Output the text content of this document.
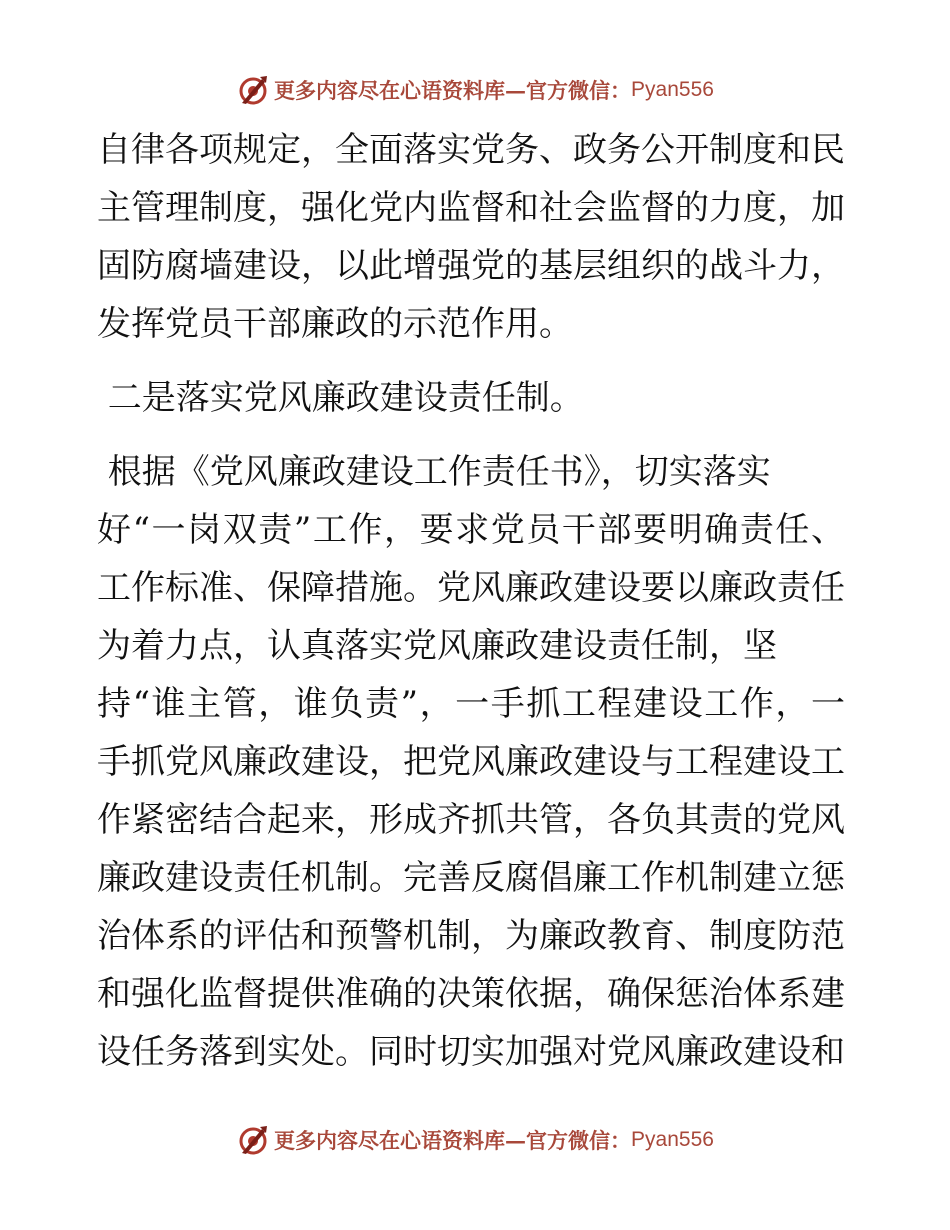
更多内容尽在心语资料库—官方微信： Pyan556
自律各项规定，全面落实党务、政务公开制度和民
主管理制度，强化党内监督和社会监督的力度，加
固防腐墙建设，以此增强党的基层组织的战斗力，
发挥党员干部廉政的示范作用。
二是落实党风廉政建设责任制。
根据《党风廉政建设工作责任书》，切实落实
好“一岗双责”工作，要求党员干部要明确责任、
工作标准、保障措施。党风廉政建设要以廉政责任
为着力点，认真落实党风廉政建设责任制，坚
持“谁主管，谁负责”，一手抓工程建设工作，一
手抓党风廉政建设，把党风廉政建设与工程建设工
作紧密结合起来，形成齐抓共管，各负其责的党风
廉政建设责任机制。完善反腐倡廉工作机制建立惩
治体系的评估和预警机制，为廉政教育、制度防范
和强化监督提供准确的决策依据，确保惩治体系建
设任务落到实处。同时切实加强对党风廉政建设和
更多内容尽在心语资料库—官方微信： Pyan556
